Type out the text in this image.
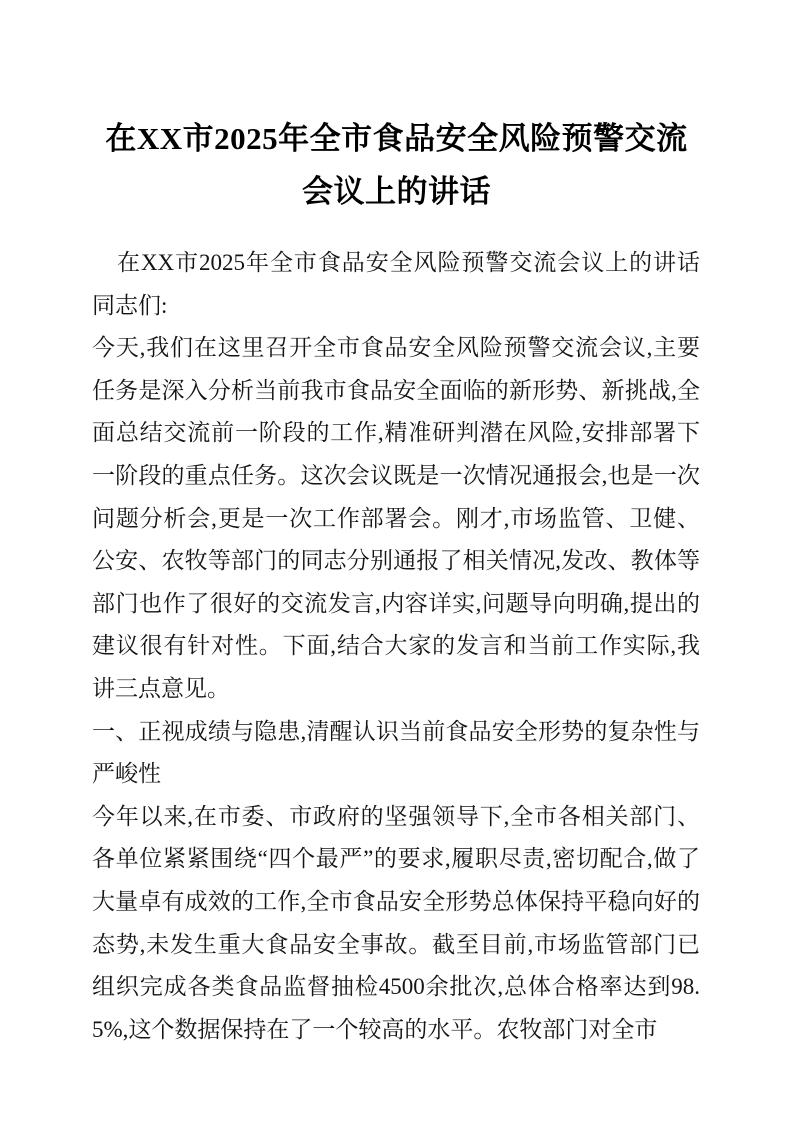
在XX市2025年全市食品安全风险预警交流会议上的讲话

在XX市2025年全市食品安全风险预警交流会议上的讲话同志们:

今天,我们在这里召开全市食品安全风险预警交流会议,主要任务是深入分析当前我市食品安全面临的新形势、新挑战,全面总结交流前一阶段的工作,精准研判潜在风险,安排部署下一阶段的重点任务。这次会议既是一次情况通报会,也是一次问题分析会,更是一次工作部署会。刚才,市场监管、卫健、公安、农牧等部门的同志分别通报了相关情况,发改、教体等部门也作了很好的交流发言,内容详实,问题导向明确,提出的建议很有针对性。下面,结合大家的发言和当前工作实际,我讲三点意见。

一、正视成绩与隐患,清醒认识当前食品安全形势的复杂性与严峻性

今年以来,在市委、市政府的坚强领导下,全市各相关部门、各单位紧紧围绕“四个最严”的要求,履职尽责,密切配合,做了大量卓有成效的工作,全市食品安全形势总体保持平稳向好的态势,未发生重大食品安全事故。截至目前,市场监管部门已组织完成各类食品监督抽检4500余批次,总体合格率达到98.5%,这个数据保持在了一个较高的水平。农牧部门对全市
